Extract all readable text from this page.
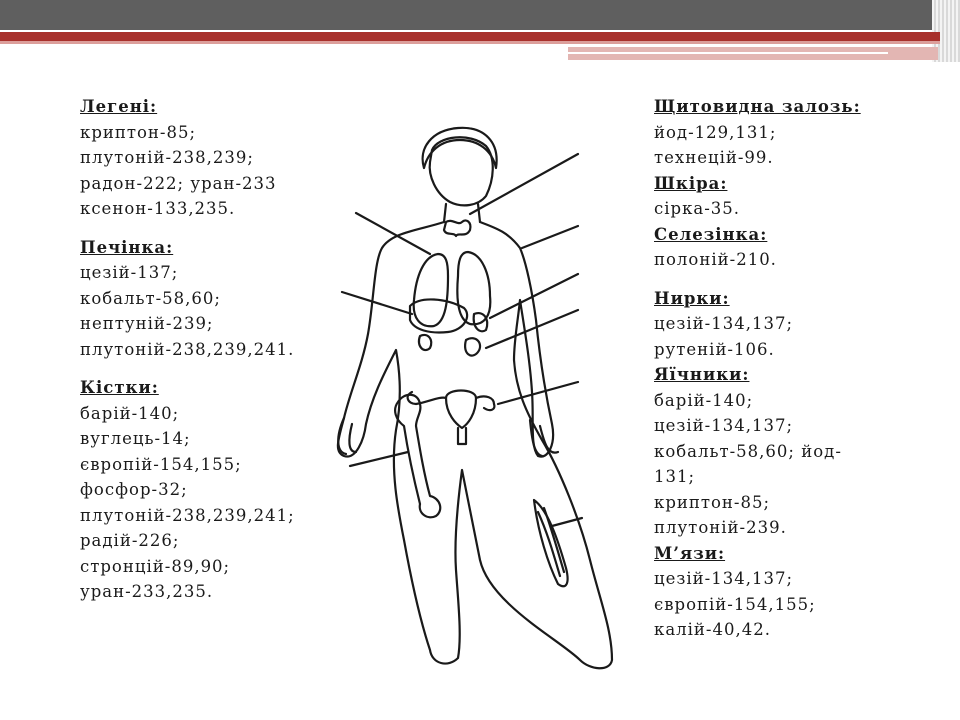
Легені:
криптон-85;
плутоній-238,239;
радон-222; уран-233
ксенон-133,235.
Печінка:
цезій-137;
кобальт-58,60;
нептуній-239;
плутоній-238,239,241.
Кістки:
барій-140;
вуглець-14;
європій-154,155;
фосфор-32;
плутоній-238,239,241;
радій-226;
стронцій-89,90;
уран-233,235.
Щитовидна залозь:
йод-129,131;
технецій-99.
Шкіра:
сірка-35.
Селезінка:
полоній-210.
Нирки:
цезій-134,137;
рутеній-106.
Яїчники:
барій-140;
цезій-134,137;
кобальт-58,60; йод-
131;
криптон-85;
плутоній-239.
М’язи:
цезій-134,137;
європій-154,155;
калій-40,42.
